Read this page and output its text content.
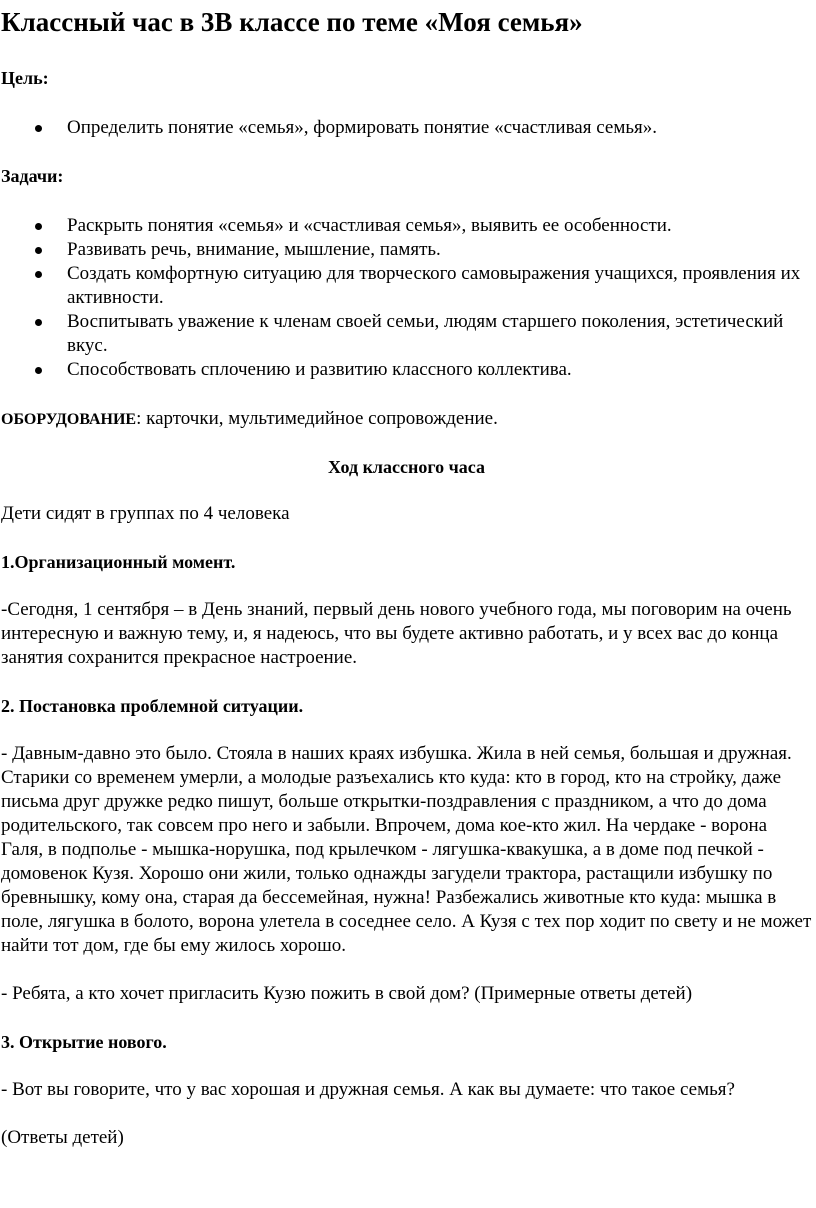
Классный час в 3В классе по теме «Моя семья»
Цель:
Определить понятие «семья», формировать понятие «счастливая семья».
Задачи:
Раскрыть понятия «семья» и «счастливая семья», выявить ее особенности.
Развивать речь, внимание, мышление, память.
Создать комфортную ситуацию для творческого самовыражения учащихся, проявления их активности.
Воспитывать уважение к членам своей семьи, людям старшего поколения, эстетический вкус.
Способствовать сплочению и развитию классного коллектива.
ОБОРУДОВАНИЕ: карточки, мультимедийное сопровождение.
Ход классного часа
Дети сидят в группах по 4 человека
1.Организационный момент.
-Сегодня, 1 сентября – в День знаний, первый день нового учебного года, мы поговорим на очень интересную и важную тему, и, я надеюсь, что вы будете активно работать, и у всех вас до конца занятия сохранится прекрасное настроение.
2. Постановка проблемной ситуации.
- Давным-давно это было. Стояла в наших краях избушка. Жила в ней семья, большая и дружная. Старики со временем умерли, а молодые разъехались кто куда: кто в город, кто на стройку, даже письма друг дружке редко пишут, больше открытки-поздравления с праздником, а что до дома родительского, так совсем про него и забыли. Впрочем, дома кое-кто жил. На чердаке - ворона Галя, в подполье - мышка-норушка, под крылечком - лягушка-квакушка, а в доме под печкой - домовенок Кузя. Хорошо они жили, только однажды загудели трактора, растащили избушку по бревнышку, кому она, старая да бессемейная, нужна! Разбежались животные кто куда: мышка в поле, лягушка в болото, ворона улетела в соседнее село. А Кузя с тех пор ходит по свету и не может найти тот дом, где бы ему жилось хорошо.
- Ребята, а кто хочет пригласить Кузю пожить в свой дом? (Примерные ответы детей)
3. Открытие нового.
- Вот вы говорите, что у вас хорошая и дружная семья. А как вы думаете: что такое семья?
(Ответы детей)
